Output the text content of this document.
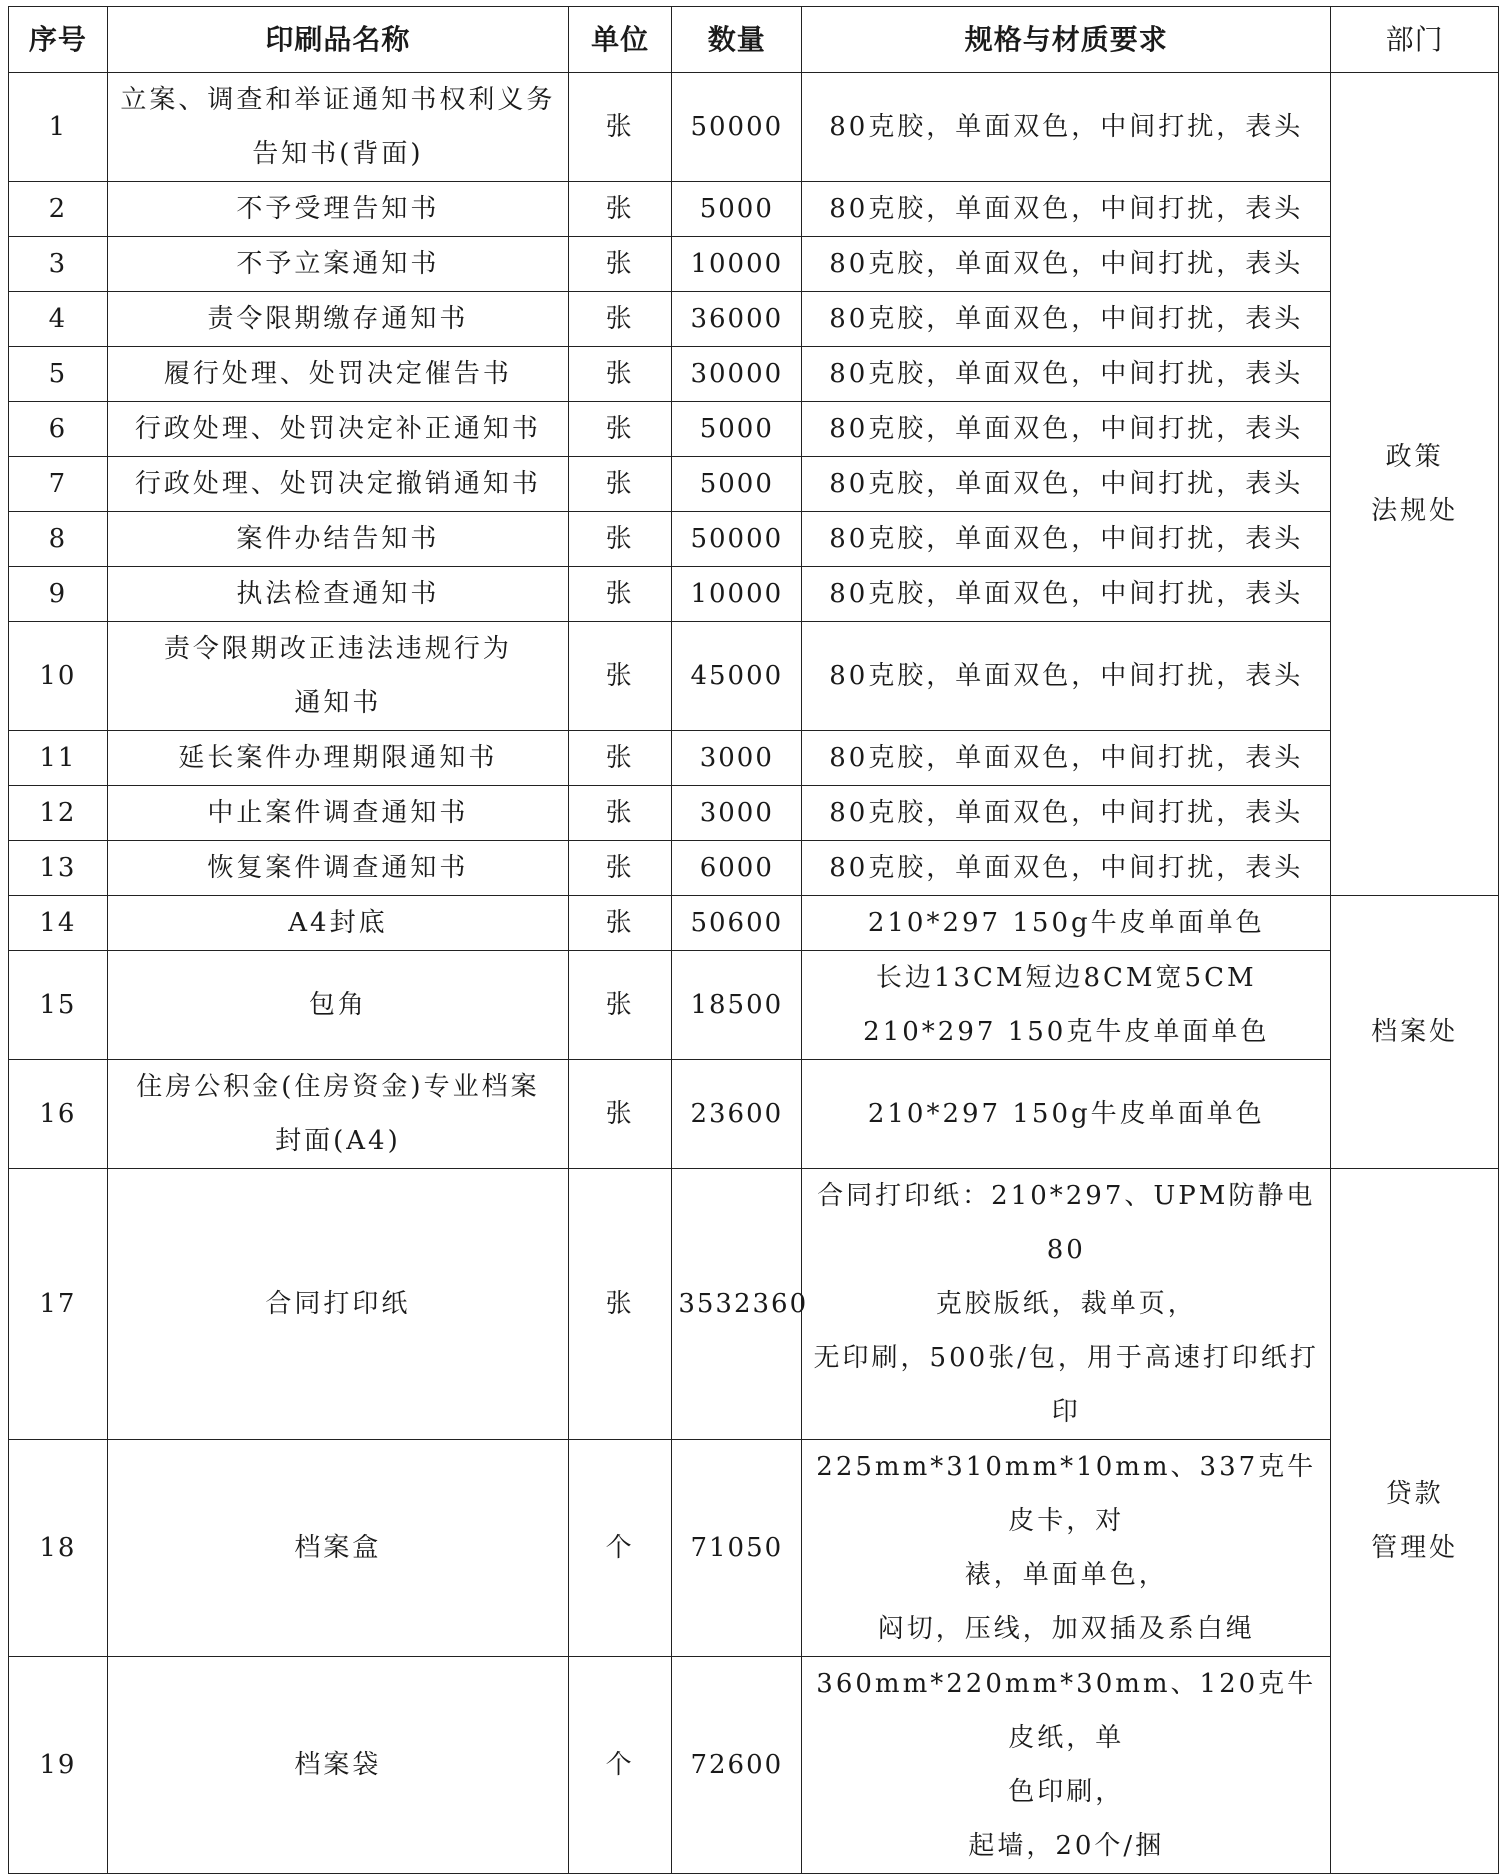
序号	印刷品名称	单位	数量	规格与材质要求	部门
1	立案、调查和举证通知书权利义务
告知书(背面)	张	50000	80克胶，单面双色，中间打扰，表头	政策
法规处

2	不予受理告知书	张	5000	80克胶，单面双色，中间打扰，表头	

3	不予立案通知书	张	10000	80克胶，单面双色，中间打扰，表头	

4	责令限期缴存通知书	张	36000	80克胶，单面双色，中间打扰，表头	

5	履行处理、处罚决定催告书	张	30000	80克胶，单面双色，中间打扰，表头	

6	行政处理、处罚决定补正通知书	张	5000	80克胶，单面双色，中间打扰，表头	

7	行政处理、处罚决定撤销通知书	张	5000	80克胶，单面双色，中间打扰，表头	

8	案件办结告知书	张	50000	80克胶，单面双色，中间打扰，表头	

9	执法检查通知书	张	10000	80克胶，单面双色，中间打扰，表头	

10	责令限期改正违法违规行为
通知书	张	45000	80克胶，单面双色，中间打扰，表头	

11	延长案件办理期限通知书	张	3000	80克胶，单面双色，中间打扰，表头	

12	中止案件调查通知书	张	3000	80克胶，单面双色，中间打扰，表头	

13	恢复案件调查通知书	张	6000	80克胶，单面双色，中间打扰，表头	

14	A4封底	张	50600	210*297 150g牛皮单面单色	档案处

15	包角	张	18500	长边13CM短边8CM宽5CM
210*297 150克牛皮单面单色	

16	住房公积金(住房资金)专业档案
封面(A4)	张	23600	210*297 150g牛皮单面单色	

17	合同打印纸	张	3532360	合同打印纸：210*297、UPM防静电80
克胶版纸，裁单页，
无印刷，500张/包，用于高速打印纸打
印	贷款
管理处

18	档案盒	个	71050	225mm*310mm*10mm、337克牛皮卡，对
裱，单面单色，
闷切，压线，加双插及系白绳	

19	档案袋	个	72600	360mm*220mm*30mm、120克牛皮纸，单
色印刷，
起墙，20个/捆	
